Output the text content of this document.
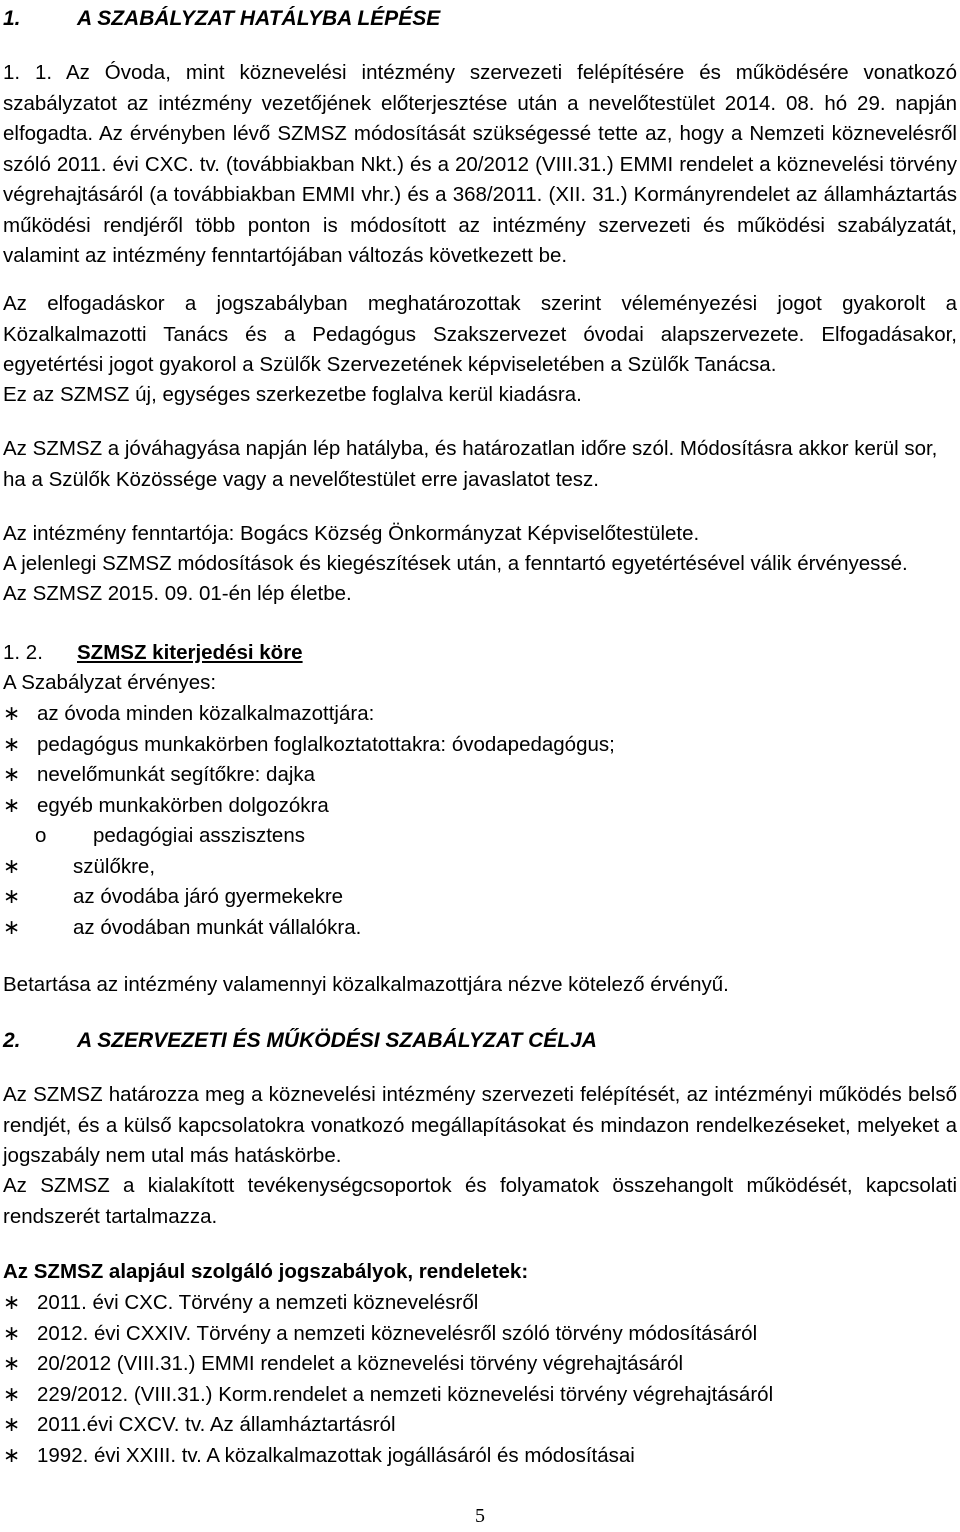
1.	A SZABÁLYZAT HATÁLYBA LÉPÉSE

1. 1. Az Óvoda, mint köznevelési intézmény szervezeti felépítésére és működésére vonatkozó szabályzatot az intézmény vezetőjének előterjesztése után a nevelőtestület 2014. 08. hó 29. napján elfogadta. Az érvényben lévő SZMSZ módosítását szükségessé tette az, hogy a Nemzeti köznevelésről szóló 2011. évi CXC. tv. (továbbiakban Nkt.) és a 20/2012 (VIII.31.) EMMI rendelet a köznevelési törvény végrehajtásáról (a továbbiakban EMMI vhr.) és a 368/2011. (XII. 31.) Kormányrendelet az államháztartás működési rendjéről több ponton is módosított az intézmény szervezeti és működési szabályzatát, valamint az intézmény fenntartójában változás következett be.

Az elfogadáskor a jogszabályban meghatározottak szerint véleményezési jogot gyakorolt a Közalkalmazotti Tanács és a Pedagógus Szakszervezet óvodai alapszervezete. Elfogadásakor, egyetértési jogot gyakorol a Szülők Szervezetének képviseletében a Szülők Tanácsa.

Ez az SZMSZ új, egységes szerkezetbe foglalva kerül kiadásra.

Az SZMSZ a jóváhagyása napján lép hatályba, és határozatlan időre szól. Módosításra akkor kerül sor, ha a Szülők Közössége vagy a nevelőtestület erre javaslatot tesz.

Az intézmény fenntartója: Bogács Község Önkormányzat Képviselőtestülete.

A jelenlegi SZMSZ módosítások és kiegészítések után, a fenntartó egyetértésével válik érvényessé.

Az SZMSZ 2015. 09. 01-én lép életbe.

1. 2. SZMSZ kiterjedési köre

A Szabályzat érvényes:

∗ az óvoda minden közalkalmazottjára:
∗ pedagógus munkakörben foglalkoztatottakra: óvodapedagógus;
∗ nevelőmunkát segítőkre: dajka
∗ egyéb munkakörben dolgozókra
o pedagógiai asszisztens
∗	szülőkre,
∗	az óvodába járó gyermekekre
∗	az óvodában munkát vállalókra.

Betartása az intézmény valamennyi közalkalmazottjára nézve kötelező érvényű.

2.	A SZERVEZETI ÉS MŰKÖDÉSI SZABÁLYZAT CÉLJA

Az SZMSZ határozza meg a köznevelési intézmény szervezeti felépítését, az intézményi működés belső rendjét, és a külső kapcsolatokra vonatkozó megállapításokat és mindazon rendelkezéseket, melyeket a jogszabály nem utal más hatáskörbe.

Az SZMSZ a kialakított tevékenységcsoportok és folyamatok összehangolt működését, kapcsolati rendszerét tartalmazza.

Az SZMSZ alapjául szolgáló jogszabályok, rendeletek:

∗ 2011. évi CXC. Törvény a nemzeti köznevelésről
∗ 2012. évi CXXIV. Törvény a nemzeti köznevelésről szóló törvény módosításáról
∗ 20/2012 (VIII.31.) EMMI rendelet a köznevelési törvény végrehajtásáról
∗ 229/2012. (VIII.31.) Korm.rendelet a nemzeti köznevelési törvény végrehajtásáról
∗ 2011.évi CXCV. tv. Az államháztartásról
∗ 1992. évi XXIII. tv. A közalkalmazottak jogállásáról és módosításai
5
